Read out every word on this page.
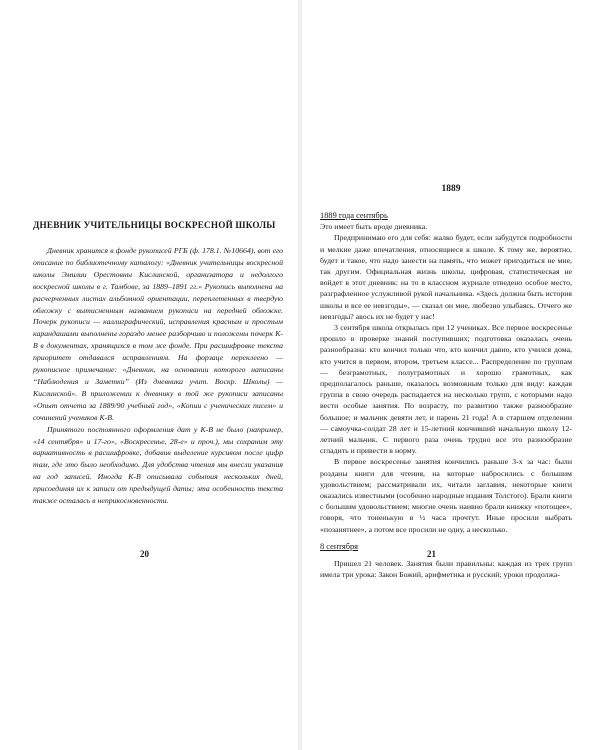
ДНЕВНИК УЧИТЕЛЬНИЦЫ ВОСКРЕСНОЙ ШКОЛЫ

Дневник хранится в фонде рукописей РГБ (ф. 178.1. №10664), вот его описание по библиотечному каталогу: «Дневник учительницы воскресной школы Эмилии Орестовны Кислинской, организатора и недолгого воскресной школы в г. Тамбове, за 1889–1891 гг.» Рукопись выполнена на расчерченных листах альбомной ориентации, переплетенных в твердую обложку с вытисненным названием рукописи на передней обложке. Почерк рукописи — каллиграфический, исправления красным и простым карандашами выполнены гораздо менее разборчиво и положены почерк К-В в документах, хранящихся в том же фонде. При расшифровке текста приоритет отдавался исправлениям. На форзаце переклеено — рукописное примечание: «Дневник, на основании которого написаны “Наблюдения и Заметки” (Из дневника учит. Воскр. Школы) — Кислинской». В приложении к дневнику в той же рукописи записаны «Опыт отчета за 1889/90 учебный год», «Копии с ученических писем» и сочинений учеников К-В.

Принятого постоянного оформления дат у К-В не было (например, «14 сентября» и 17-го», «Воскресенье, 28-е» и проч.), мы сохраним эту вариативность в расшифровке, добавив выделение курсивом после цифр там, где это было необходимо. Для удобства чтения мы внесли указания на год записей. Иногда К-В описывала события нескольких дней, присоединяя их к записи от предыдущей даты; эта особенность текста также осталась в неприкосновенности.

20
1889

1889 года сентябрь

Это имеет быть вроде дневника.

Предпринимаю его для себя: жалко будет, если забудутся подробности и мелкие даже впечатления, относящиеся к школе. К тому же, вероятно, будет и такое, что надо занести на память, что может пригодиться не мне, так другим. Официальная жизнь школы, цифровая, статистическая не войдет в этот дневник: на то в классном журнале отведено особое место, разграфленное услужливой рукой начальника. «Здесь должна быть история школы и все ее невзгоды», — сказал он мне, любезно улыбаясь. Отчего же невзгоды? авось их не будет у нас!

3 сентября школа открылась при 12 учениках. Все первое воскресенье прошло в проверке знаний поступивших; подготовка оказалась очень разнообразна: кто кончил только что, кто кончил давно, кто учился дома, кто учится в первом, втором, третьем классе... Распределение по группам — безграмотных, полуграмотных и хорошо грамотных, как предполагалось раньше, оказалось возможным только для виду: каждая группа в свою очередь распадается на несколько групп, с которыми надо вести особые занятия. По возрасту, по развитию также разнообразие большое; и мальчик девяти лет, и парень 21 года! А в старшем отделении — самоучка-солдат 28 лет и 15-летний кончивший начальную школу 12-летний мальчик. С первого раза очень трудно все это разнообразие сгладить и привести в норму.

В первое воскресенье занятия кончились раньше 3-х за час: были розданы книги для чтения, на которые набросились с большим удовольствием; рассматривали их, читали заглавия, некоторые книги оказались известными (особенно народные издания Толстого). Брали книги с большим удовольствием; многие очень наивно брали книжку «потощее», говоря, что тоненькую в ½ часа прочтут. Иные просили выбрать «позанятнее», а потом все просили не одну, а несколько.

8 сентября

Пришел 21 человек. Занятия были правильны: каждая из трех групп имела три урока: Закон Божий, арифметика и русский; уроки продолжа-

21
